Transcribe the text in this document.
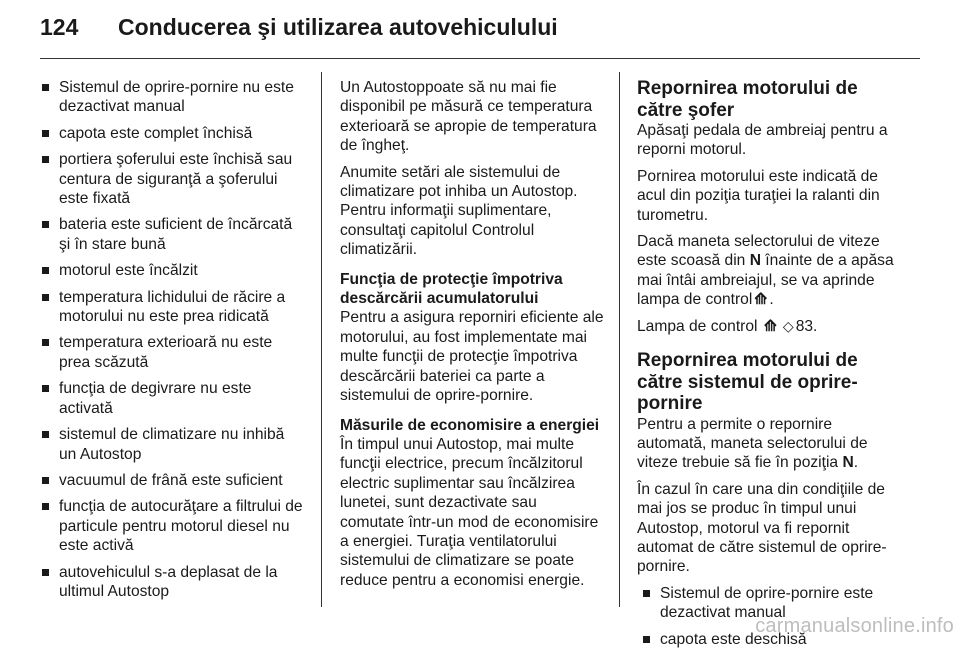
124	Conducerea şi utilizarea autovehiculului
Sistemul de oprire-pornire nu este dezactivat manual
capota este complet închisă
portiera şoferului este închisă sau centura de siguranţă a şoferului este fixată
bateria este suficient de încărcată şi în stare bună
motorul este încălzit
temperatura lichidului de răcire a motorului nu este prea ridicată
temperatura exterioară nu este prea scăzută
funcţia de degivrare nu este activată
sistemul de climatizare nu inhibă un Autostop
vacuumul de frână este suficient
funcţia de autocurăţare a filtrului de particule pentru motorul diesel nu este activă
autovehiculul s-a deplasat de la ultimul Autostop

Un Autostoppoate să nu mai fie disponibil pe măsură ce temperatura exterioară se apropie de temperatura de îngheţ.

Anumite setări ale sistemului de climatizare pot inhiba un Autostop. Pentru informaţii suplimentare, consultaţi capitolul Controlul climatizării.

Funcţia de protecţie împotriva descărcării acumulatorului

Pentru a asigura reporniri eficiente ale motorului, au fost implementate mai multe funcţii de protecţie împotriva descărcării bateriei ca parte a sistemului de oprire-pornire.

Măsurile de economisire a energiei

În timpul unui Autostop, mai multe funcţii electrice, precum încălzitorul electric suplimentar sau încălzirea lunetei, sunt dezactivate sau comutate într-un mod de economisire a energiei. Turaţia ventilatorului sistemului de climatizare se poate reduce pentru a economisi energie.

Repornirea motorului de către şofer

Apăsaţi pedala de ambreiaj pentru a reporni motorul.

Pornirea motorului este indicată de acul din poziţia turaţiei la ralanti din turometru.

Dacă maneta selectorului de viteze este scoasă din N înainte de a apăsa mai întâi ambreiajul, se va aprinde lampa de control ⟰ .

Lampa de control ⟰ ◇ 83.

Repornirea motorului de către sistemul de oprire-pornire

Pentru a permite o repornire automată, maneta selectorului de viteze trebuie să fie în poziţia N.

În cazul în care una din condiţiile de mai jos se produc în timpul unui Autostop, motorul va fi repornit automat de către sistemul de oprire-pornire.

Sistemul de oprire-pornire este dezactivat manual
capota este deschisă
carmanualsonline.info
